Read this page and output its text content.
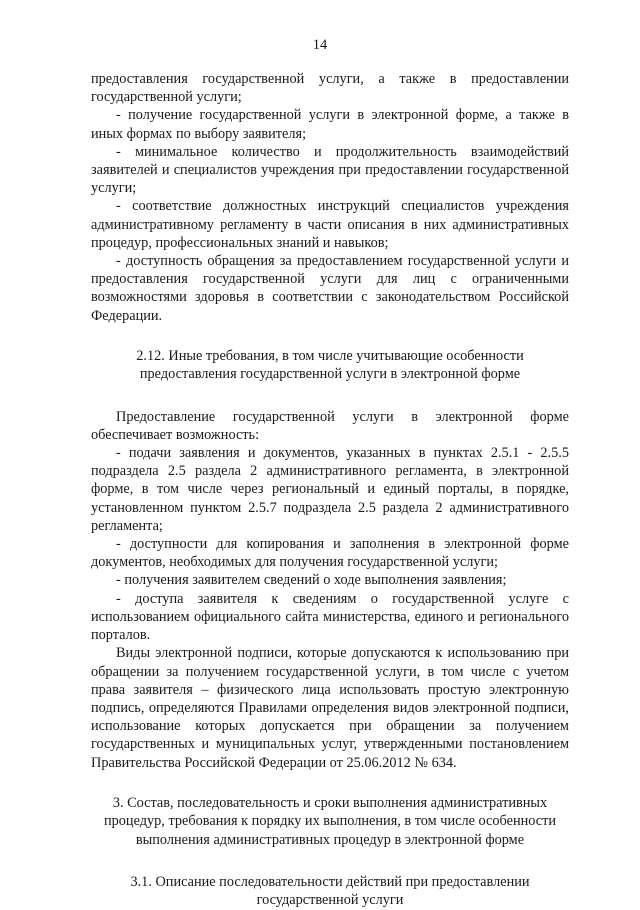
14

предоставления государственной услуги, а также в предоставлении государственной услуги;

- получение государственной услуги в электронной форме, а также в иных формах по выбору заявителя;

- минимальное количество и продолжительность взаимодействий заявителей и специалистов учреждения при предоставлении государственной услуги;

- соответствие должностных инструкций специалистов учреждения административному регламенту в части описания в них административных процедур, профессиональных знаний и навыков;

- доступность обращения за предоставлением государственной услуги и предоставления государственной услуги для лиц с ограниченными возможностями здоровья в соответствии с законодательством Российской Федерации.

2.12. Иные требования, в том числе учитывающие особенности предоставления государственной услуги в электронной форме

Предоставление государственной услуги в электронной форме обеспечивает возможность:

- подачи заявления и документов, указанных в пунктах 2.5.1 - 2.5.5 подраздела 2.5 раздела 2 административного регламента, в электронной форме, в том числе через региональный и единый порталы, в порядке, установленном пунктом 2.5.7 подраздела 2.5 раздела 2 административного регламента;

- доступности для копирования и заполнения в электронной форме документов, необходимых для получения государственной услуги;

- получения заявителем сведений о ходе выполнения заявления;

- доступа заявителя к сведениям о государственной услуге с использованием официального сайта министерства, единого и регионального порталов.

Виды электронной подписи, которые допускаются к использованию при обращении за получением государственной услуги, в том числе с учетом права заявителя – физического лица использовать простую электронную подпись, определяются Правилами определения видов электронной подписи, использование которых допускается при обращении за получением государственных и муниципальных услуг, утвержденными постановлением Правительства Российской Федерации от 25.06.2012 № 634.

3. Состав, последовательность и сроки выполнения административных процедур, требования к порядку их выполнения, в том числе особенности выполнения административных процедур в электронной форме

3.1. Описание последовательности действий при предоставлении государственной услуги
